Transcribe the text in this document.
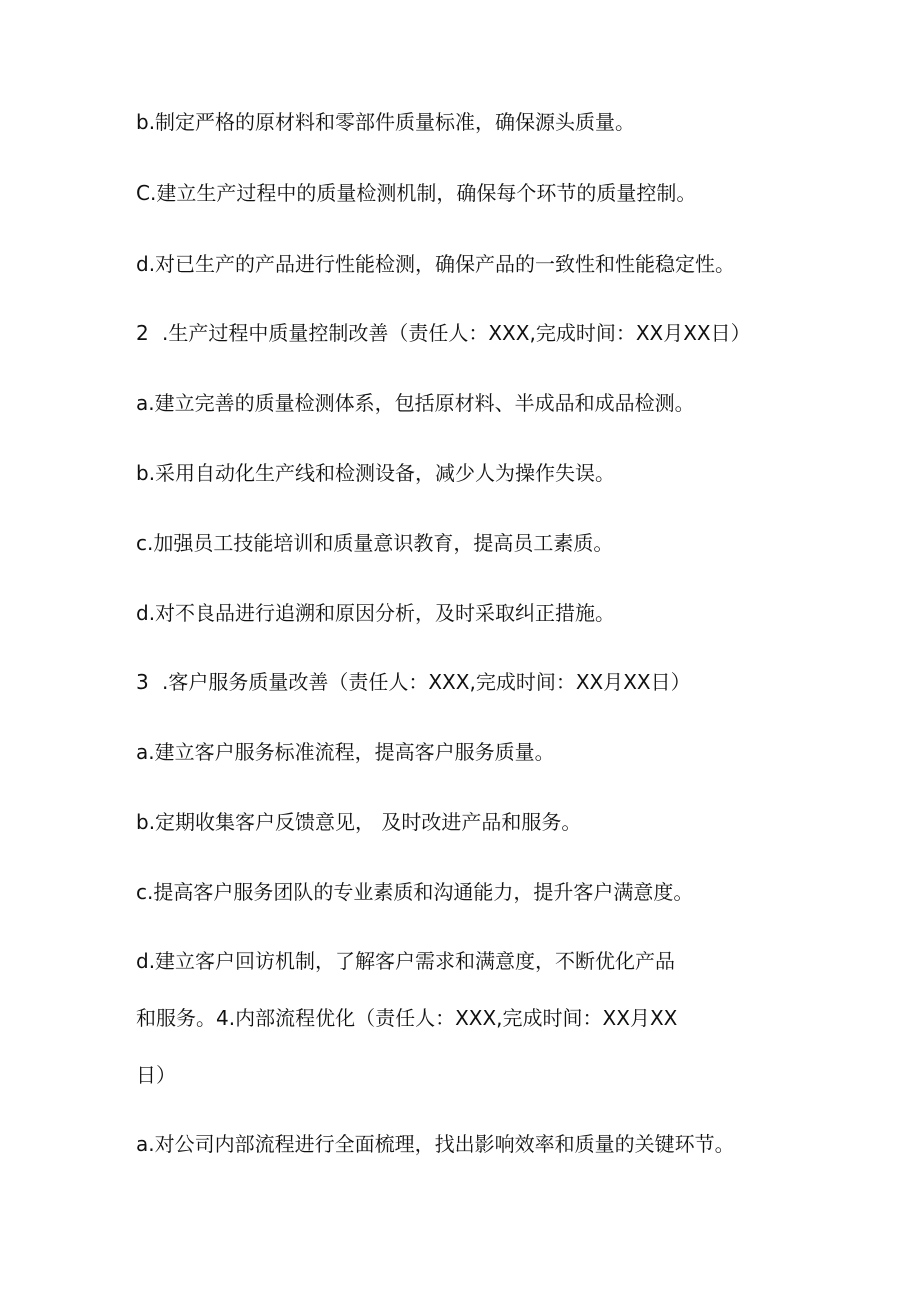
b.制定严格的原材料和零部件质量标准，确保源头质量。

C.建立生产过程中的质量检测机制，确保每个环节的质量控制。

d.对已生产的产品进行性能检测，确保产品的一致性和性能稳定性。

2 .生产过程中质量控制改善（责任人：XXX,完成时间：XX月XX日）

a.建立完善的质量检测体系，包括原材料、半成品和成品检测。

b.采用自动化生产线和检测设备，减少人为操作失误。

c.加强员工技能培训和质量意识教育，提高员工素质。

d.对不良品进行追溯和原因分析，及时采取纠正措施。

3 .客户服务质量改善（责任人：XXX,完成时间：XX月XX日）

a.建立客户服务标准流程，提高客户服务质量。

b.定期收集客户反馈意见， 及时改进产品和服务。

c.提高客户服务团队的专业素质和沟通能力，提升客户满意度。

d.建立客户回访机制，了解客户需求和满意度，不断优化产品

和服务。4.内部流程优化（责任人：XXX,完成时间：XX月XX

日）

a.对公司内部流程进行全面梳理，找出影响效率和质量的关键环节。
